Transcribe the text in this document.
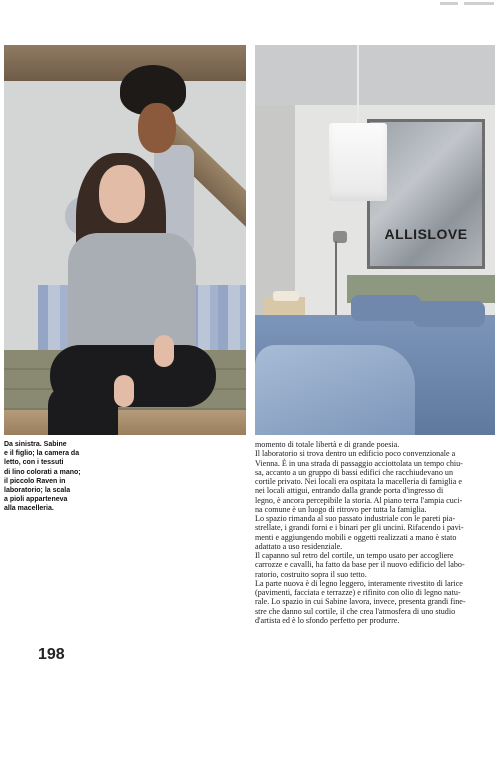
ALLISLOVE

Da sinistra. Sabine

e il figlio; la camera da

letto, con i tessuti

di lino colorati a mano;

il piccolo Raven in

laboratorio; la scala

a pioli apparteneva

alla macelleria.

momento di totale libertà e di grande poesia.

Il laboratorio si trova dentro un edificio poco convenzionale a

Vienna. È in una strada di passaggio acciottolata un tempo chiu-

sa, accanto a un gruppo di bassi edifici che racchiudevano un

cortile privato. Nei locali era ospitata la macelleria di famiglia e

nei locali attigui, entrando dalla grande porta d'ingresso di

legno, è ancora percepibile la storia. Al piano terra l'ampia cuci-

na comune è un luogo di ritrovo per tutta la famiglia.

Lo spazio rimanda al suo passato industriale con le pareti pia-

strellate, i grandi forni e i binari per gli uncini. Rifacendo i pavi-

menti e aggiungendo mobili e oggetti realizzati a mano è stato

adattato a uso residenziale.

Il capanno sul retro del cortile, un tempo usato per accogliere

carrozze e cavalli, ha fatto da base per il nuovo edificio del labo-

ratorio, costruito sopra il suo tetto.

La parte nuova è di legno leggero, interamente rivestito di larice

(pavimenti, facciata e terrazze) e rifinito con olio di legno natu-

rale. Lo spazio in cui Sabine lavora, invece, presenta grandi fine-

stre che danno sul cortile, il che crea l'atmosfera di uno studio

d'artista ed è lo sfondo perfetto per produrre.

198
